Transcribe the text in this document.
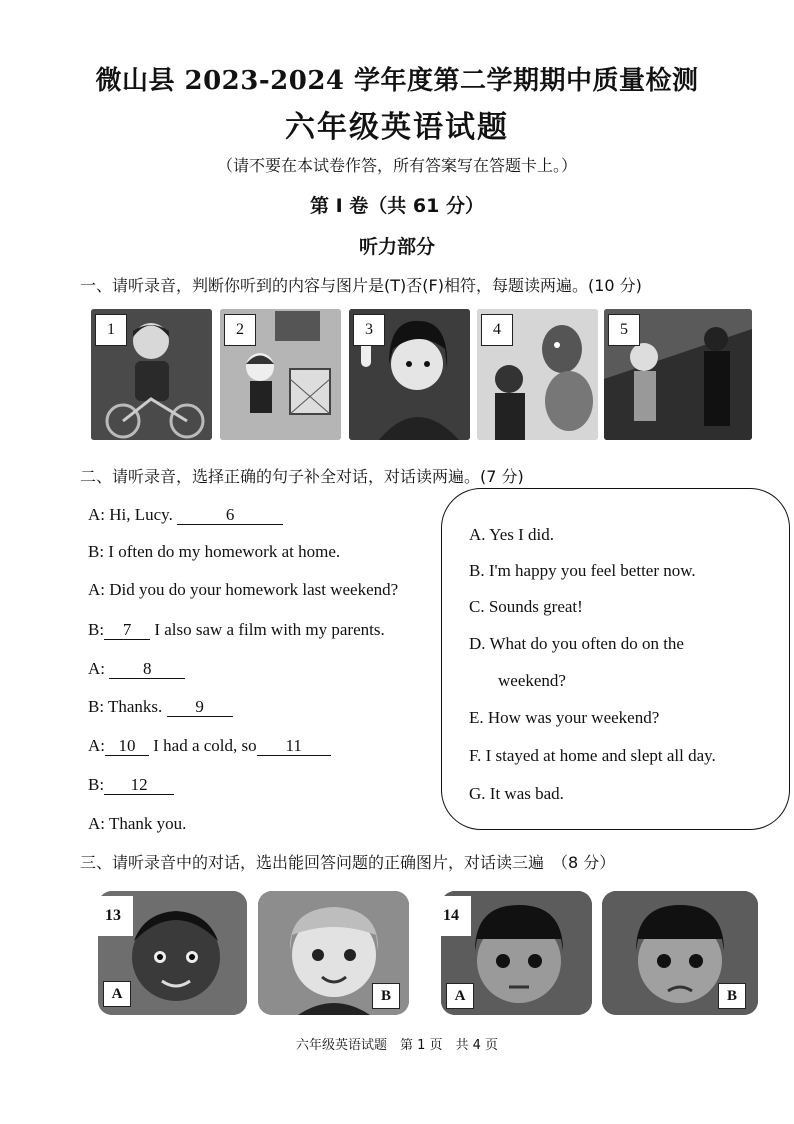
微山县 2023-2024 学年度第二学期期中质量检测
六年级英语试题
（请不要在本试卷作答，所有答案写在答题卡上。）
第 I 卷（共 61 分）
听力部分
一、请听录音，判断你听到的内容与图片是(T)否(F)相符，每题读两遍。(10 分)
1	2	3	4	5
二、请听录音，选择正确的句子补全对话，对话读两遍。(7 分)
A: Hi, Lucy.	6
B: I often do my homework at home.
A: Did you do your homework last weekend?
B: 7 I also saw a film with my parents.
A: 8
B: Thanks. 9
A: 10 I had a cold, so 11
B: 12
A: Thank you.
A. Yes I did.
B. I'm happy you feel better now.
C. Sounds great!
D. What do you often do on the
weekend?
E. How was your weekend?
F. I stayed at home and slept all day.
G. It was bad.
三、请听录音中的对话，选出能回答问题的正确图片，对话读三遍　（8 分）
A
13
B	A
14
B
六年级英语试题　第 1 页　共 4 页
